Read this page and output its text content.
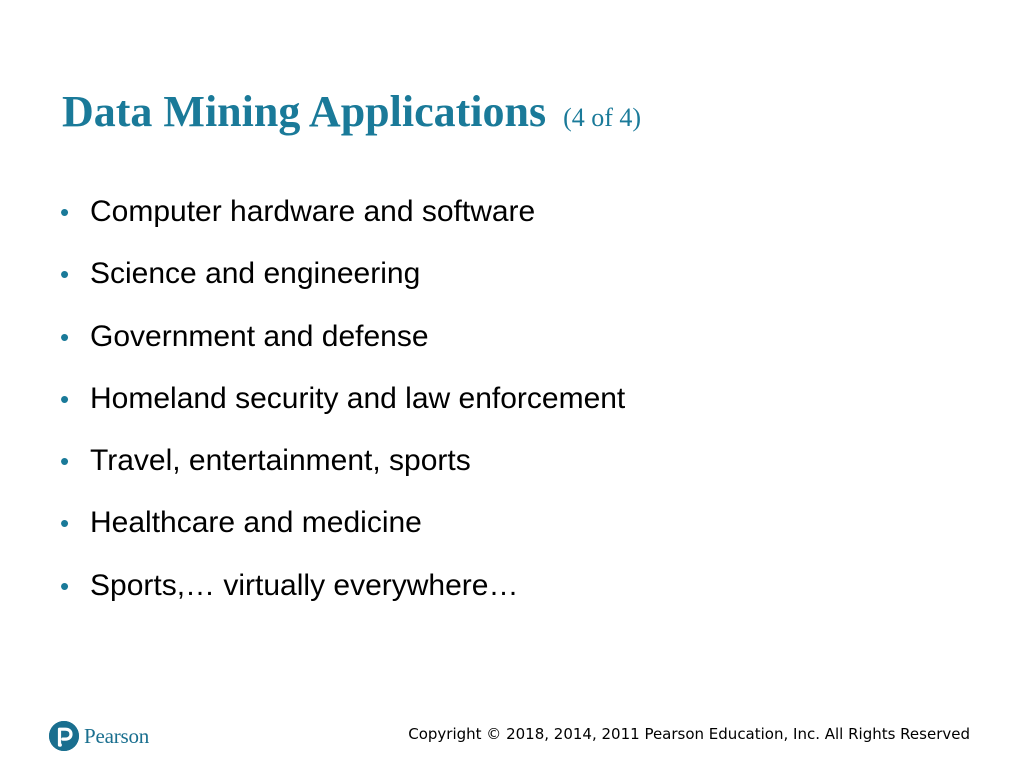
Data Mining Applications (4 of 4)
• Computer hardware and software
• Science and engineering
• Government and defense
• Homeland security and law enforcement
• Travel, entertainment, sports
• Healthcare and medicine
• Sports,… virtually everywhere…
Pearson	Copyright © 2018, 2014, 2011 Pearson Education, Inc. All Rights Reserved
